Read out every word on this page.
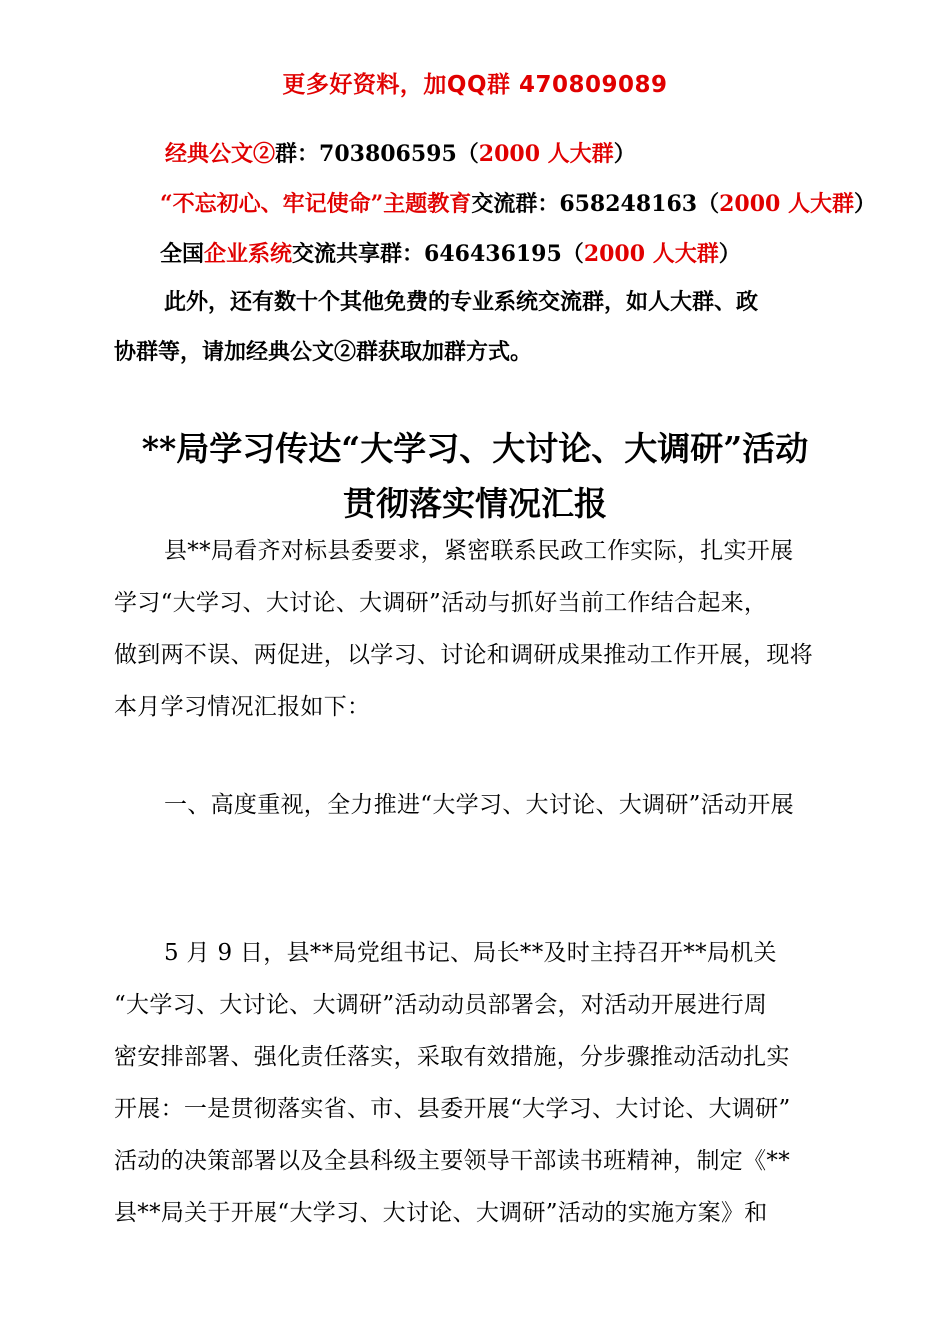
更多好资料，加QQ群 470809089
经典公文②群：703806595（2000 人大群）
“不忘初心、牢记使命”主题教育交流群：658248163（2000 人大群）
全国企业系统交流共享群：646436195（2000 人大群）
此外，还有数十个其他免费的专业系统交流群，如人大群、政
协群等，请加经典公文②群获取加群方式。
**局学习传达“大学习、大讨论、大调研”活动
贯彻落实情况汇报
县**局看齐对标县委要求，紧密联系民政工作实际，扎实开展
学习“大学习、大讨论、大调研”活动与抓好当前工作结合起来，
做到两不误、两促进，以学习、讨论和调研成果推动工作开展，现将
本月学习情况汇报如下：
一、高度重视，全力推进“大学习、大讨论、大调研”活动开展
5 月 9 日，县**局党组书记、局长**及时主持召开**局机关
“大学习、大讨论、大调研”活动动员部署会，对活动开展进行周
密安排部署、强化责任落实，采取有效措施，分步骤推动活动扎实
开展：一是贯彻落实省、市、县委开展“大学习、大讨论、大调研”
活动的决策部署以及全县科级主要领导干部读书班精神，制定《**
县**局关于开展“大学习、大讨论、大调研”活动的实施方案》和
